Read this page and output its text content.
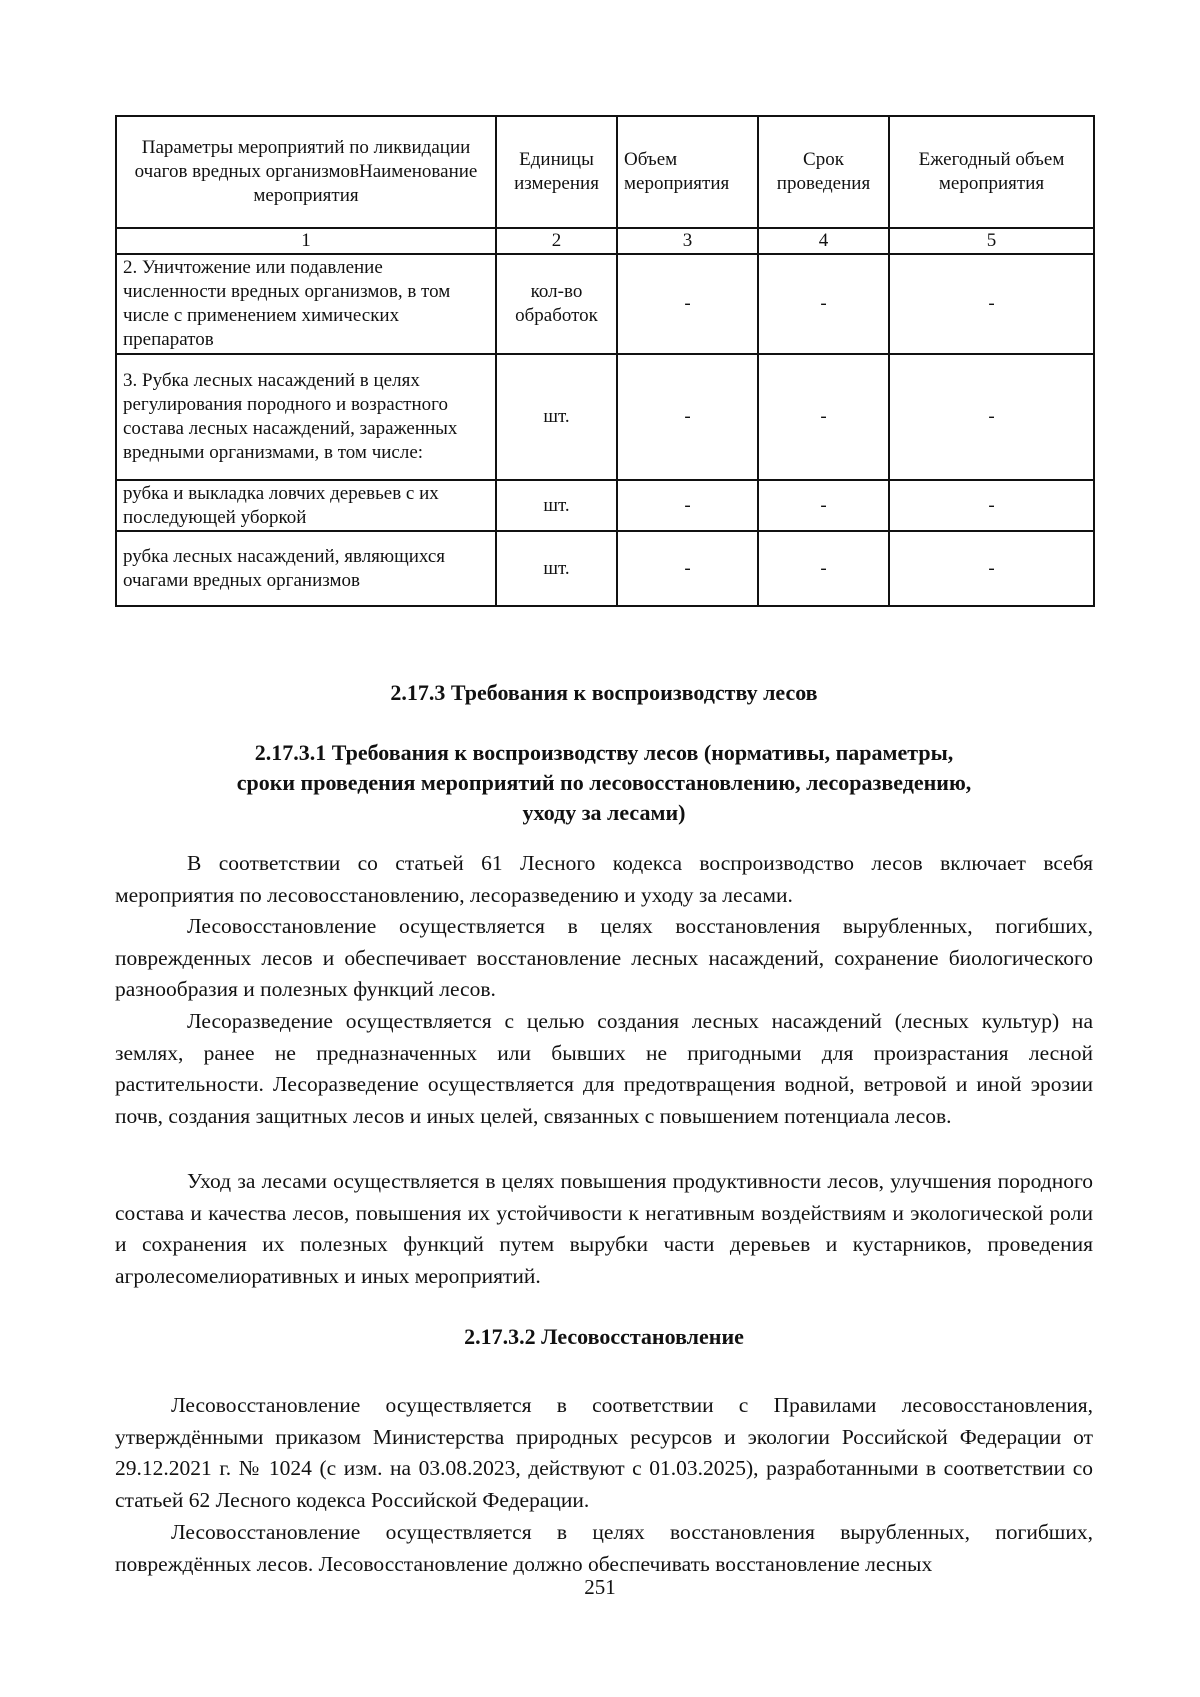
Параметры мероприятий по ликвидации очагов вредных организмовНаименование мероприятия	Единицы измерения	Объем мероприятия	Срок проведения	Ежегодный объем мероприятия
1	2	3	4	5
2. Уничтожение или подавление численности вредных организмов, в том числе с применением химических препаратов	кол-во обработок	-	-	-
3. Рубка лесных насаждений в целях регулирования породного и возрастного состава лесных насаждений, зараженных вредными организмами, в том числе:	шт.	-	-	-
рубка и выкладка ловчих деревьев с их последующей уборкой	шт.	-	-	-
рубка лесных насаждений, являющихся очагами вредных организмов	шт.	-	-	-
2.17.3 Требования к воспроизводству лесов
2.17.3.1 Требования к воспроизводству лесов (нормативы, параметры, сроки проведения мероприятий по лесовосстановлению, лесоразведению, уходу за лесами)

В соответствии со статьей 61 Лесного кодекса воспроизводство лесов включает всебя мероприятия по лесовосстановлению, лесоразведению и уходу за лесами.

Лесовосстановление осуществляется в целях восстановления вырубленных, погибших, поврежденных лесов и обеспечивает восстановление лесных насаждений, сохранение биологического разнообразия и полезных функций лесов.

Лесоразведение осуществляется с целью создания лесных насаждений (лесных культур) на землях, ранее не предназначенных или бывших не пригодными для произрастания лесной растительности. Лесоразведение осуществляется для предотвращения водной, ветровой и иной эрозии почв, создания защитных лесов и иных целей, связанных с повышением потенциала лесов.

Уход за лесами осуществляется в целях повышения продуктивности лесов, улучшения породного состава и качества лесов, повышения их устойчивости к негативным воздействиям и экологической роли и сохранения их полезных функций путем вырубки части деревьев и кустарников, проведения агролесомелиоративных и иных мероприятий.

2.17.3.2 Лесовосстановление

Лесовосстановление осуществляется в соответствии с Правилами лесовосстановления, утверждёнными приказом Министерства природных ресурсов и экологии Российской Федерации от 29.12.2021 г. № 1024 (с изм. на 03.08.2023, действуют с 01.03.2025), разработанными в соответствии со статьей 62 Лесного кодекса Российской Федерации.

Лесовосстановление осуществляется в целях восстановления вырубленных, погибших, повреждённых лесов. Лесовосстановление должно обеспечивать восстановление лесных

251
